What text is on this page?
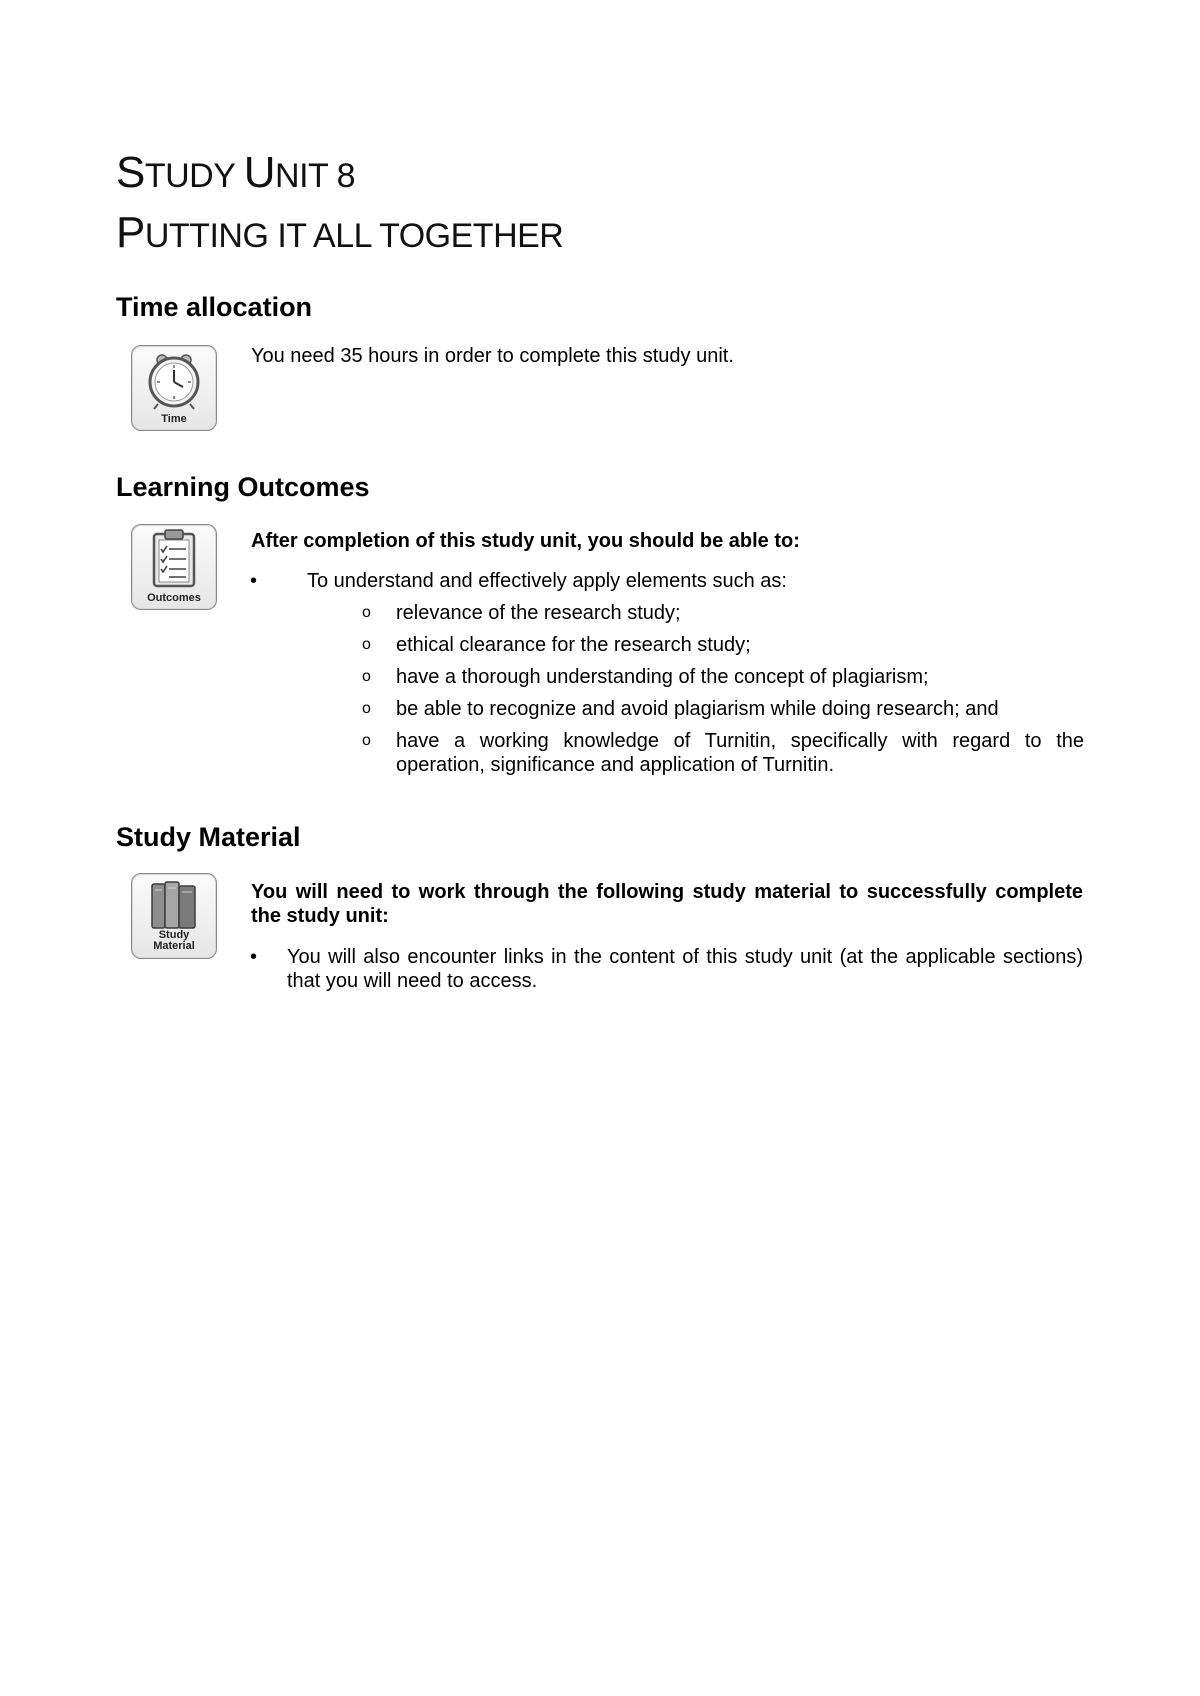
STUDY UNIT 8
PUTTING IT ALL TOGETHER
Time allocation
Time

You need 35 hours in order to complete this study unit.

Learning Outcomes
Outcomes

After completion of this study unit, you should be able to:

• To understand and effectively apply elements such as:

o relevance of the research study;

o ethical clearance for the research study;

o have a thorough understanding of the concept of plagiarism;

o be able to recognize and avoid plagiarism while doing research; and

o have a working knowledge of Turnitin, specifically with regard to the operation, significance and application of Turnitin.

Study Material
Study
Material

You will need to work through the following study material to successfully complete the study unit:

• You will also encounter links in the content of this study unit (at the applicable sections) that you will need to access.
